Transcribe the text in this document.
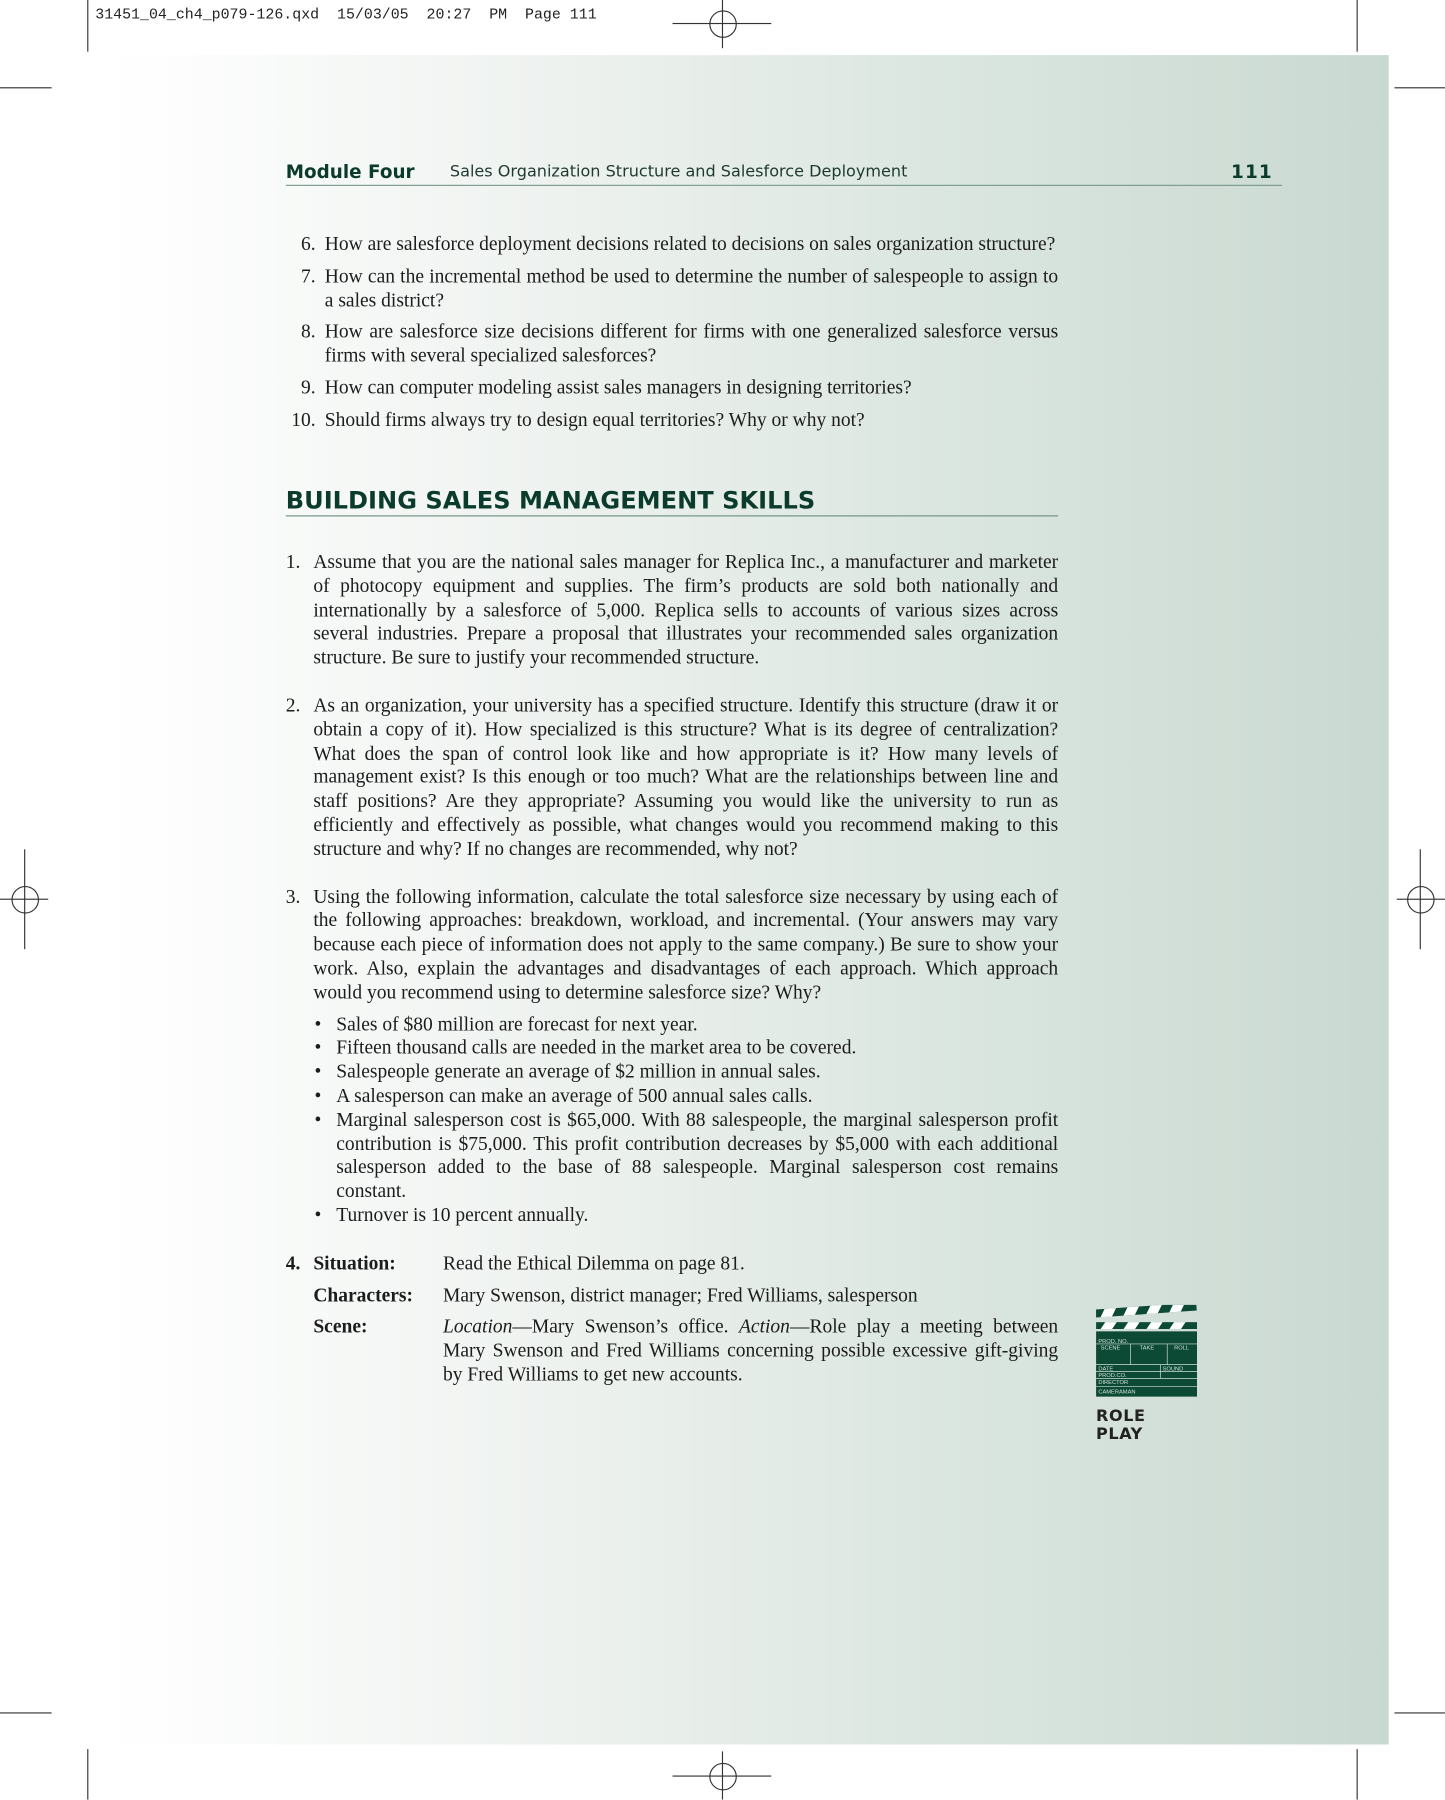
31451_04_ch4_p079-126.qxd  15/03/05  20:27  PM  Page 111
Module Four	Sales Organization Structure and Salesforce Deployment	111
6. How are salesforce deployment decisions related to decisions on sales organization structure?
7. How can the incremental method be used to determine the number of salespeople to assign to a sales district?
8. How are salesforce size decisions different for firms with one generalized salesforce versus firms with several specialized salesforces?
9. How can computer modeling assist sales managers in designing territories?
10. Should firms always try to design equal territories? Why or why not?
BUILDING SALES MANAGEMENT SKILLS
1. Assume that you are the national sales manager for Replica Inc., a manufacturer and marketer of photocopy equipment and supplies. The firm’s products are sold both nationally and internationally by a salesforce of 5,000. Replica sells to accounts of various sizes across several industries. Prepare a proposal that illustrates your recommended sales organization structure. Be sure to justify your recommended structure.
2. As an organization, your university has a specified structure. Identify this structure (draw it or obtain a copy of it). How specialized is this structure? What is its degree of centralization? What does the span of control look like and how appropriate is it? How many levels of management exist? Is this enough or too much? What are the relationships between line and staff positions? Are they appropriate? Assuming you would like the university to run as efficiently and effectively as possible, what changes would you recommend making to this structure and why? If no changes are recommended, why not?
3. Using the following information, calculate the total salesforce size necessary by using each of the following approaches: breakdown, workload, and incremental. (Your answers may vary because each piece of information does not apply to the same company.) Be sure to show your work. Also, explain the advantages and disadvantages of each approach. Which approach would you recommend using to determine salesforce size? Why?
• Sales of $80 million are forecast for next year.
• Fifteen thousand calls are needed in the market area to be covered.
• Salespeople generate an average of $2 million in annual sales.
• A salesperson can make an average of 500 annual sales calls.
• Marginal salesperson cost is $65,000. With 88 salespeople, the marginal salesperson profit contribution is $75,000. This profit contribution decreases by $5,000 with each additional salesperson added to the base of 88 salespeople. Marginal salesperson cost remains constant.
• Turnover is 10 percent annually.
4. Situation:	Read the Ethical Dilemma on page 81.
Characters:	Mary Swenson, district manager; Fred Williams, salesperson
Scene:	Location—Mary Swenson’s office. Action—Role play a meeting between Mary Swenson and Fred Williams concerning possible excessive gift-giving by Fred Williams to get new accounts.
PROD. NO.
SCENE	TAKE	ROLL
DATE	SOUND
PROD.CO.
DIRECTOR
CAMERAMAN
ROLE PLAY
